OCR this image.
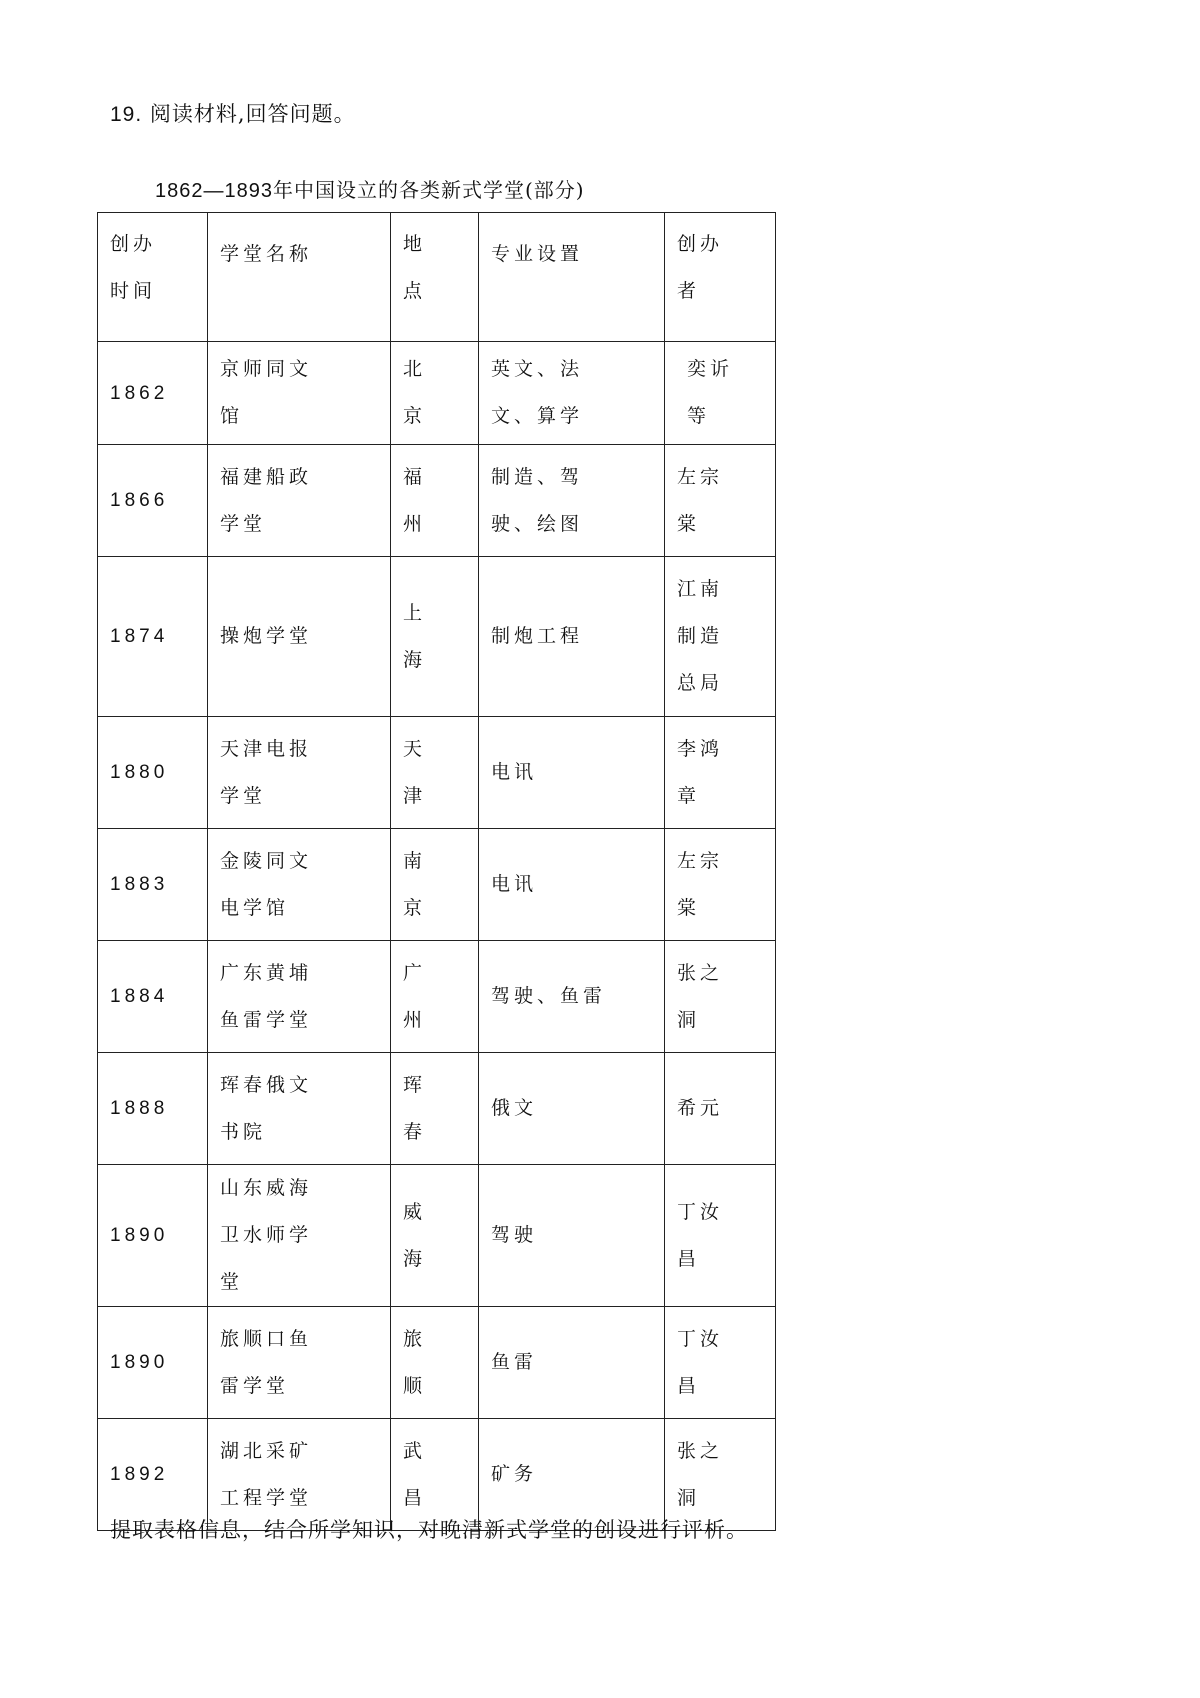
19. 阅读材料,回答问题。
1862—1893年中国设立的各类新式学堂(部分)
创办时间	学堂名称	地点	专业设置	创办者

1862	京师同文馆	北京	英文、法文、算学	奕䜣等

1866	福建船政学堂	福州	制造、驾驶、绘图	左宗棠

1874	操炮学堂	上海	制炮工程	江南制造总局

1880	天津电报学堂	天津	电讯	李鸿章

1883	金陵同文电学馆	南京	电讯	左宗棠

1884	广东黄埔鱼雷学堂	广州	驾驶、鱼雷	张之洞

1888	珲春俄文书院	珲春	俄文	希元

1890	山东威海卫水师学堂	威海	驾驶	丁汝昌

1890	旅顺口鱼雷学堂	旅顺	鱼雷	丁汝昌

1892	湖北采矿工程学堂	武昌	矿务	张之洞
提取表格信息，结合所学知识，对晚清新式学堂的创设进行评析。
